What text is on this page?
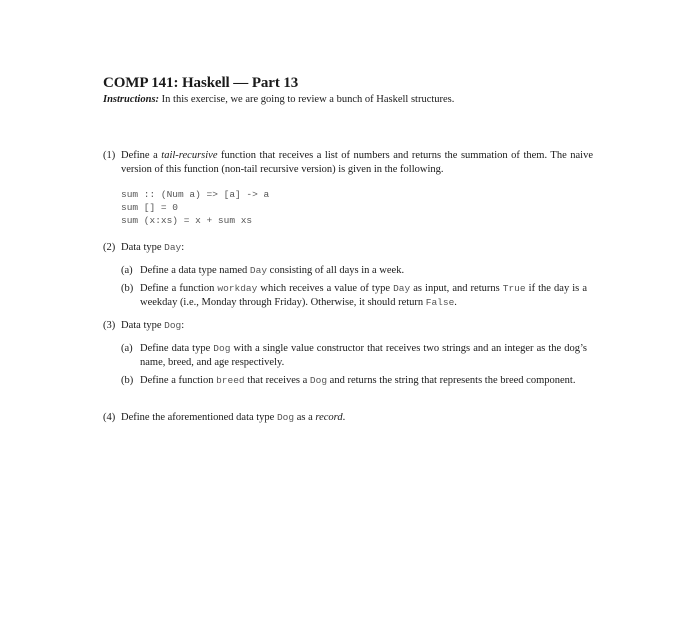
COMP 141: Haskell — Part 13

Instructions: In this exercise, we are going to review a bunch of Haskell structures.

(1) Define a tail-recursive function that receives a list of numbers and returns the summation of them. The naive version of this function (non-tail recursive version) is given in the following.
sum :: (Num a) => [a] -> a
sum [] = 0
sum (x:xs) = x + sum xs
(2) Data type Day:
(a) Define a data type named Day consisting of all days in a week.
(b) Define a function workday which receives a value of type Day as input, and returns True if the day is a weekday (i.e., Monday through Friday). Otherwise, it should return False.
(3) Data type Dog:
(a) Define data type Dog with a single value constructor that receives two strings and an integer as the dog’s name, breed, and age respectively.
(b) Define a function breed that receives a Dog and returns the string that represents the breed component.
(4) Define the aforementioned data type Dog as a record.
